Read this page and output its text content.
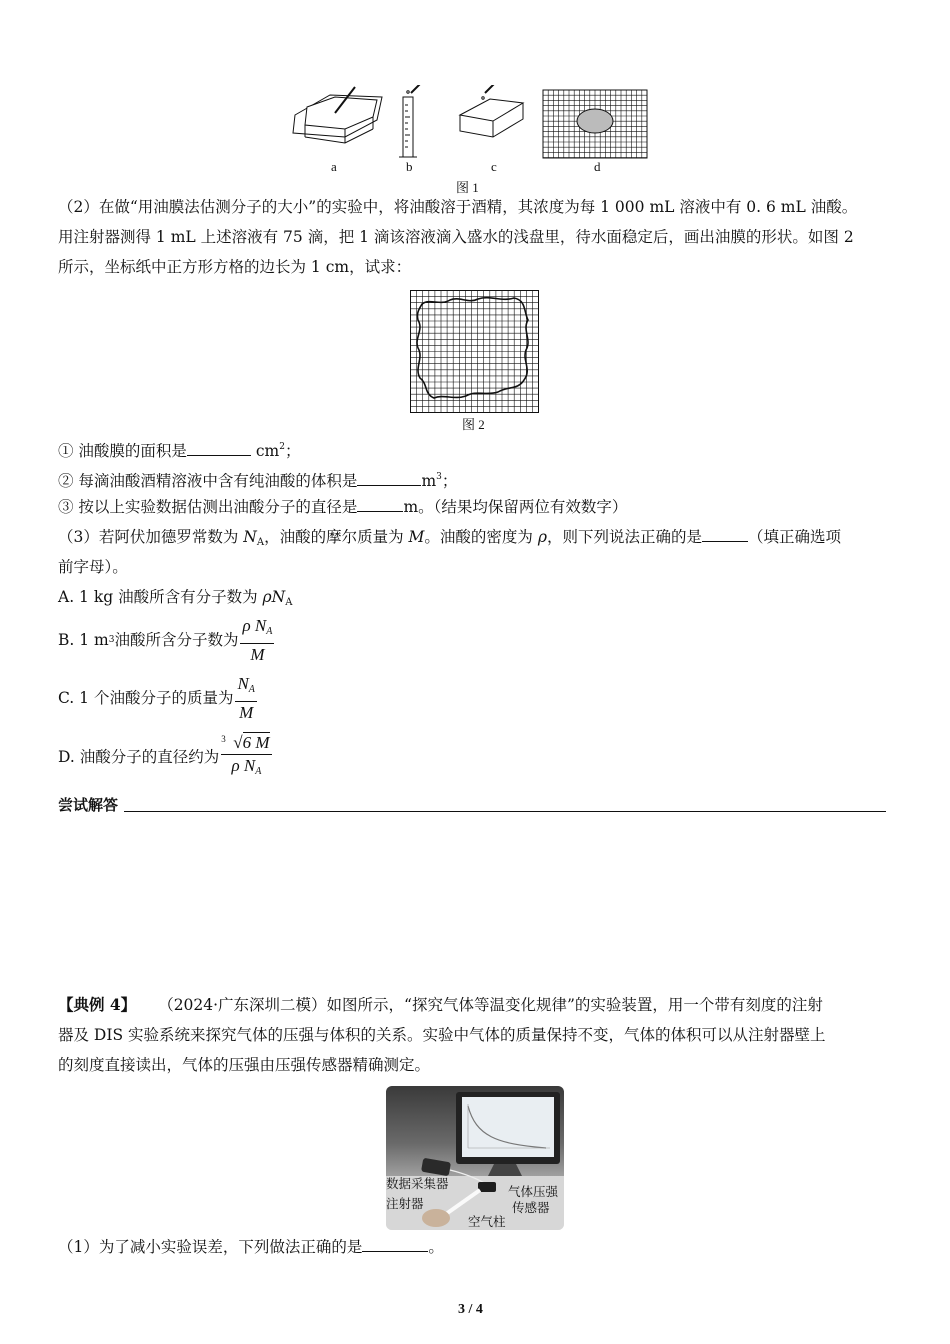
a	b	c	d
图 1
（2）在做“用油膜法估测分子的大小”的实验中，将油酸溶于酒精，其浓度为每 1 000 mL 溶液中有 0. 6 mL 油酸。
用注射器测得 1 mL 上述溶液有 75 滴，把 1 滴该溶液滴入盛水的浅盘里，待水面稳定后，画出油膜的形状。如图 2
所示，坐标纸中正方形方格的边长为 1 cm，试求：
图 2
① 油酸膜的面积是	$cm^2$；
② 每滴油酸酒精溶液中含有纯油酸的体积是	$m^3$；
③ 按以上实验数据估测出油酸分子的直径是	m。（结果均保留两位有效数字）
（3）若阿伏加德罗常数为 $N_A$，油酸的摩尔质量为 M。油酸的密度为 ρ，则下列说法正确的是	（填正确选项
前字母）。
A. 1 kg 油酸所含有分子数为 $\rho N_A$
B. 1 m 3 油酸所含分子数为 $\frac{\rho N_A}{M}$
C. 1 个油酸分子的质量为 $\frac{N_A}{M}$
D. 油酸分子的直径约为 $\frac{3 √6 M}{\rho N_A}$
尝试解答
【典例 4】 （2024·广东深圳二模）如图所示，“探究气体等温变化规律”的实验装置，用一个带有刻度的注射
器及 DIS 实验系统来探究气体的压强与体积的关系。实验中气体的质量保持不变，气体的体积可以从注射器壁上
的刻度直接读出，气体的压强由压强传感器精确测定。
数据采集器
注射器
气体压强
传感器
空气柱
（1）为了减小实验误差，下列做法正确的是	。
3 / 4
